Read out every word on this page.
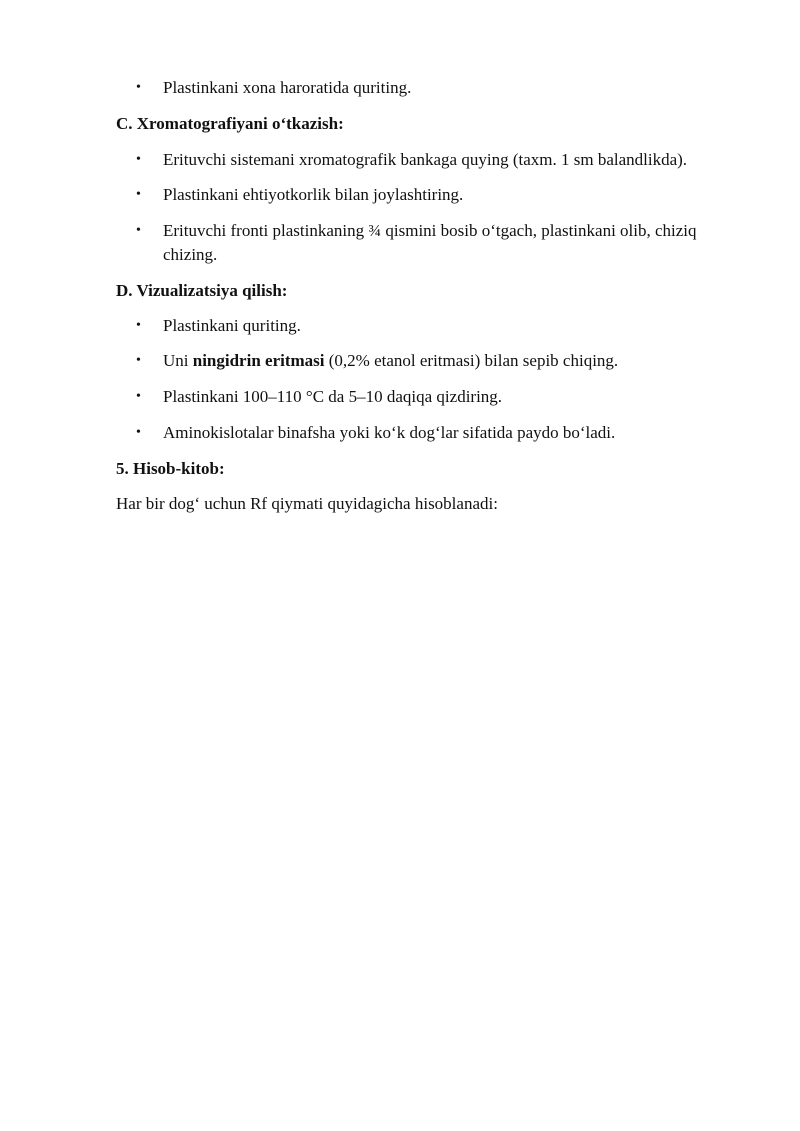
• Plastinkani xona haroratida quriting.
C. Xromatografiyani o‘tkazish:
• Erituvchi sistemani xromatografik bankaga quying (taxm. 1 sm balandlikda).
• Plastinkani ehtiyotkorlik bilan joylashtiring.
• Erituvchi fronti plastinkaning ¾ qismini bosib o‘tgach, plastinkani olib, chiziq
chizing.
D. Vizualizatsiya qilish:
• Plastinkani quriting.
• Uni ningidrin eritmasi (0,2% etanol eritmasi) bilan sepib chiqing.
• Plastinkani 100–110 °C da 5–10 daqiqa qizdiring.
• Aminokislotalar binafsha yoki ko‘k dog‘lar sifatida paydo bo‘ladi.
5. Hisob-kitob:
Har bir dog‘ uchun Rf qiymati quyidagicha hisoblanadi:
